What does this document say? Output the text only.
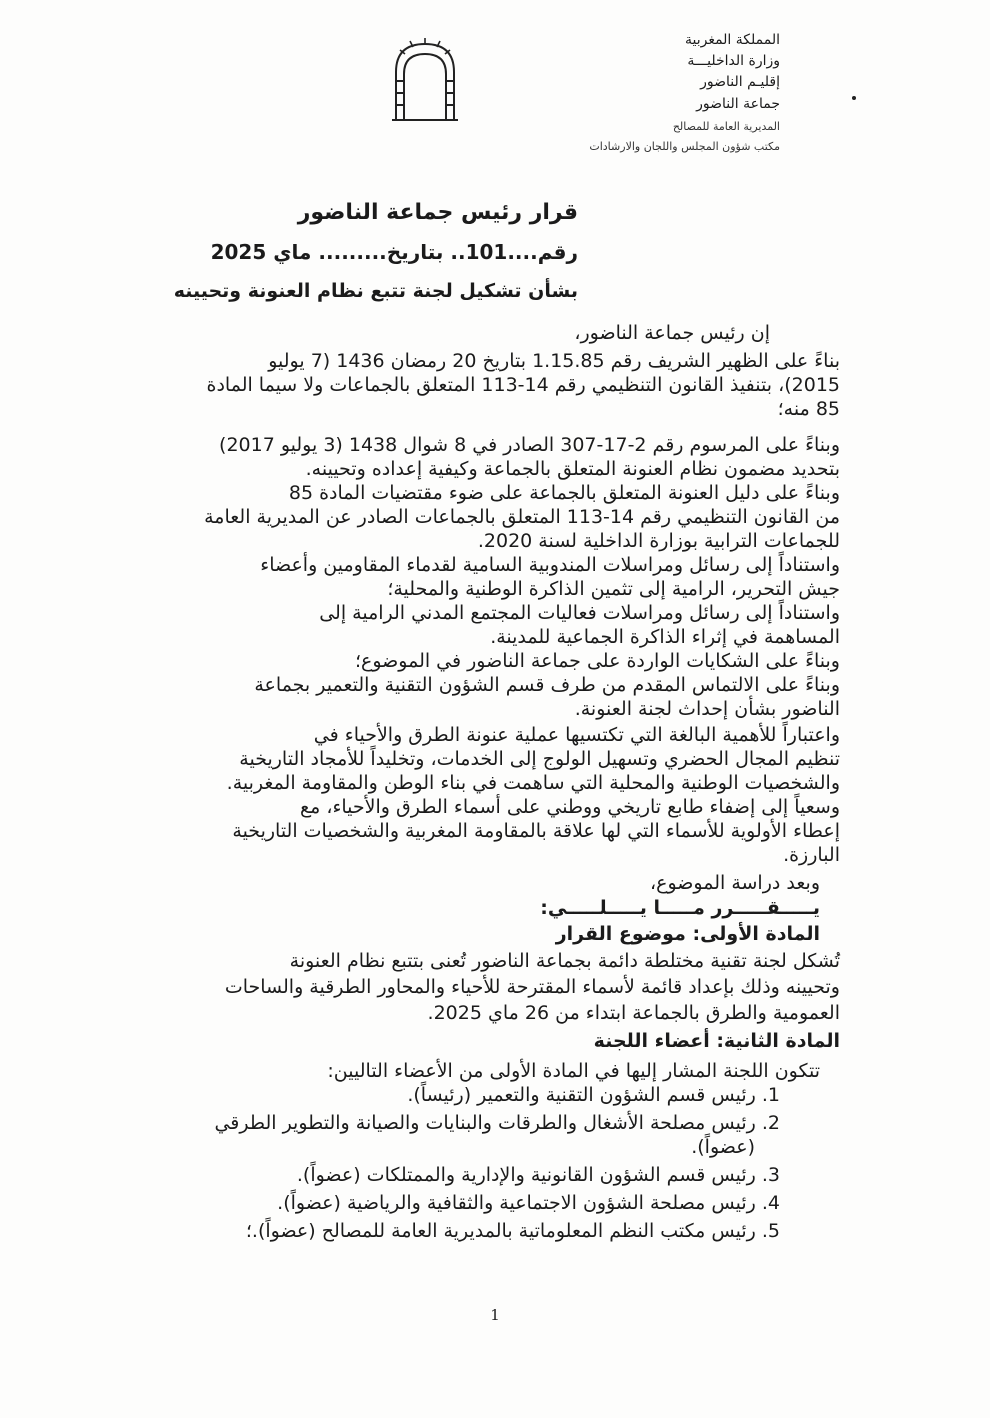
المملكة المغربية
وزارة الداخليـــة
إقليـم الناضور
جماعة الناضور
المديرية العامة للمصالح
مكتب شؤون المجلس واللجان والارشادات
قرار رئيس جماعة الناضور
رقم....101.. بتاريخ......... ماي 2025
بشأن تشكيل لجنة تتبع نظام العنونة وتحيينه
إن رئيس جماعة الناضور،
بناءً على الظهير الشريف رقم 1.15.85 بتاريخ 20 رمضان 1436 (7 يوليو
2015)، بتنفيذ القانون التنظيمي رقم 14-113 المتعلق بالجماعات ولا سيما المادة
85 منه؛
وبناءً على المرسوم رقم 2-17-307 الصادر في 8 شوال 1438 (3 يوليو 2017)
بتحديد مضمون نظام العنونة المتعلق بالجماعة وكيفية إعداده وتحيينه.
وبناءً على دليل العنونة المتعلق بالجماعة على ضوء مقتضيات المادة 85
من القانون التنظيمي رقم 14-113 المتعلق بالجماعات الصادر عن المديرية العامة
للجماعات الترابية بوزارة الداخلية لسنة 2020.
واستناداً إلى رسائل ومراسلات المندوبية السامية لقدماء المقاومين وأعضاء
جيش التحرير، الرامية إلى تثمين الذاكرة الوطنية والمحلية؛
واستناداً إلى رسائل ومراسلات فعاليات المجتمع المدني الرامية إلى
المساهمة في إثراء الذاكرة الجماعية للمدينة.
وبناءً على الشكايات الواردة على جماعة الناضور في الموضوع؛
وبناءً على الالتماس المقدم من طرف قسم الشؤون التقنية والتعمير بجماعة
الناضور بشأن إحداث لجنة العنونة.
واعتباراً للأهمية البالغة التي تكتسيها عملية عنونة الطرق والأحياء في
تنظيم المجال الحضري وتسهيل الولوج إلى الخدمات، وتخليداً للأمجاد التاريخية
والشخصيات الوطنية والمحلية التي ساهمت في بناء الوطن والمقاومة المغربية.
وسعياً إلى إضفاء طابع تاريخي ووطني على أسماء الطرق والأحياء، مع
إعطاء الأولوية للأسماء التي لها علاقة بالمقاومة المغربية والشخصيات التاريخية
البارزة.
وبعد دراسة الموضوع،
يـــــقـــــرر مـــــا يـــــلـــــي:
المادة الأولى: موضوع القرار
تُشكل لجنة تقنية مختلطة دائمة بجماعة الناضور تُعنى بتتبع نظام العنونة
وتحيينه وذلك بإعداد قائمة لأسماء المقترحة للأحياء والمحاور الطرقية والساحات
العمومية والطرق بالجماعة ابتداء من 26 ماي 2025.
المادة الثانية: أعضاء اللجنة
تتكون اللجنة المشار إليها في المادة الأولى من الأعضاء التاليين:
1. رئيس قسم الشؤون التقنية والتعمير (رئيساً).
2. رئيس مصلحة الأشغال والطرقات والبنايات والصيانة والتطوير الطرقي
(عضواً).
3. رئيس قسم الشؤون القانونية والإدارية والممتلكات (عضواً).
4. رئيس مصلحة الشؤون الاجتماعية والثقافية والرياضية (عضواً).
5. رئيس مكتب النظم المعلوماتية بالمديرية العامة للمصالح (عضواً).؛
1
